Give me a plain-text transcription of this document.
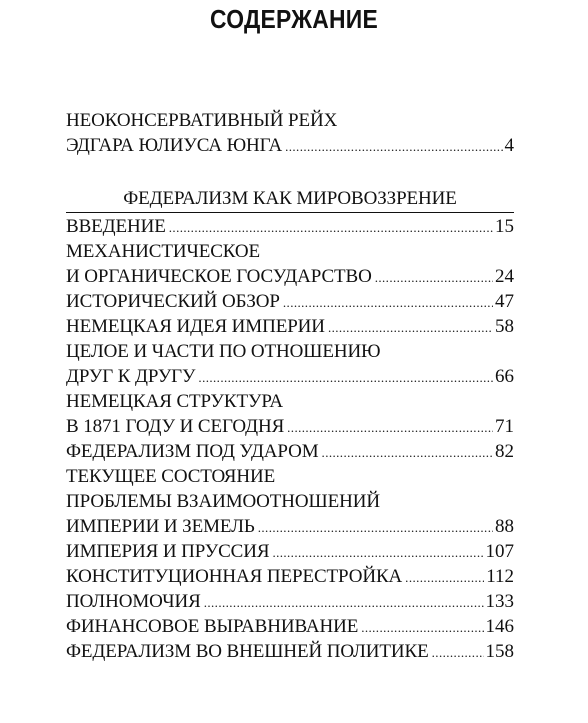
СОДЕРЖАНИЕ
НЕОКОНСЕРВАТИВНЫЙ РЕЙХ
ЭДГАРА ЮЛИУСА ЮНГА .....	4
ФЕДЕРАЛИЗМ КАК МИРОВОЗЗРЕНИЕ
ВВЕДЕНИЕ .....	15
МЕХАНИСТИЧЕСКОЕ
И ОРГАНИЧЕСКОЕ ГОСУДАРСТВО .....	24
ИСТОРИЧЕСКИЙ ОБЗОР .....	47
НЕМЕЦКАЯ ИДЕЯ ИМПЕРИИ .....	58
ЦЕЛОЕ И ЧАСТИ ПО ОТНОШЕНИЮ
ДРУГ К ДРУГУ .....	66
НЕМЕЦКАЯ СТРУКТУРА
В 1871 ГОДУ И СЕГОДНЯ .....	71
ФЕДЕРАЛИЗМ ПОД УДАРОМ .....	82
ТЕКУЩЕЕ СОСТОЯНИЕ
ПРОБЛЕМЫ ВЗАИМООТНОШЕНИЙ
ИМПЕРИИ И ЗЕМЕЛЬ .....	88
ИМПЕРИЯ И ПРУССИЯ .....	107
КОНСТИТУЦИОННАЯ ПЕРЕСТРОЙКА .....	112
ПОЛНОМОЧИЯ .....	133
ФИНАНСОВОЕ ВЫРАВНИВАНИЕ .....	146
ФЕДЕРАЛИЗМ ВО ВНЕШНЕЙ ПОЛИТИКЕ .....	158
